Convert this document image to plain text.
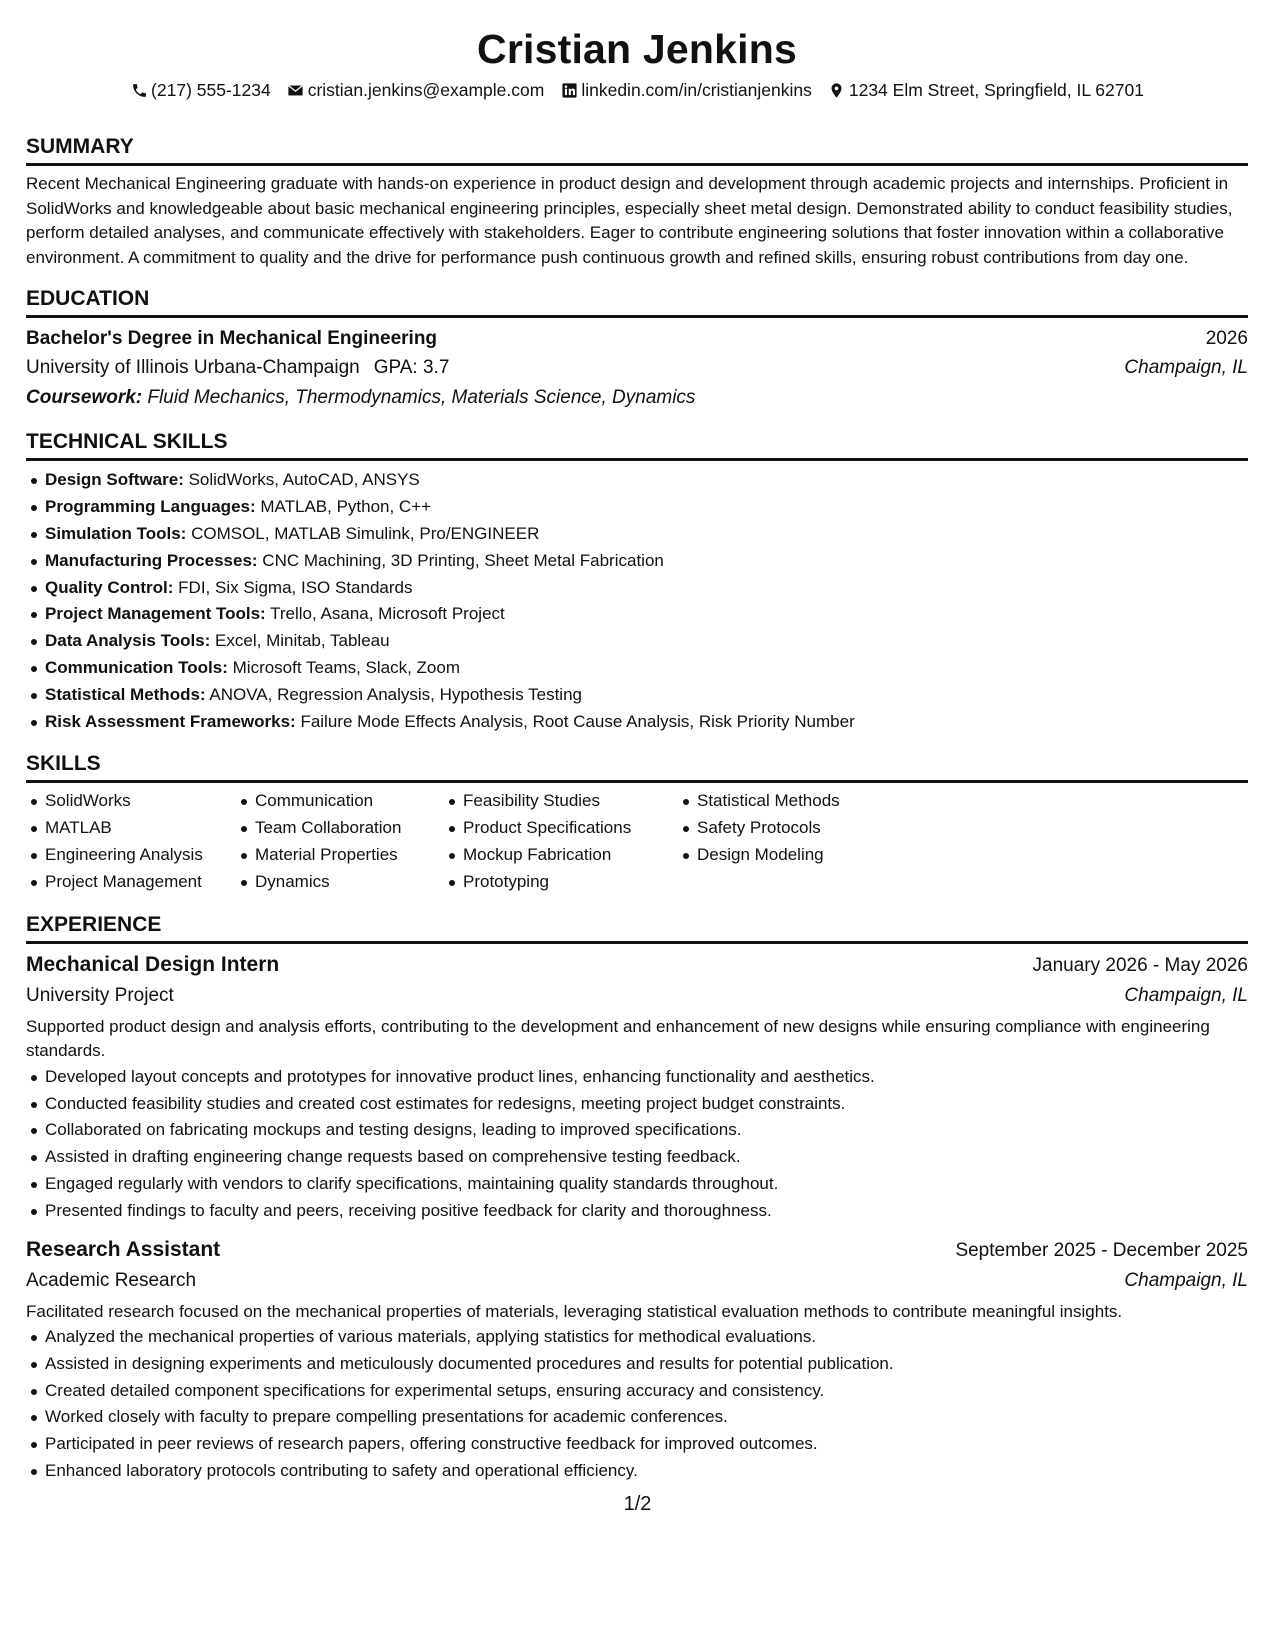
Cristian Jenkins
(217) 555-1234 cristian.jenkins@example.com linkedin.com/in/cristianjenkins 1234 Elm Street, Springfield, IL 62701
SUMMARY
Recent Mechanical Engineering graduate with hands-on experience in product design and development through academic projects and internships. Proficient in SolidWorks and knowledgeable about basic mechanical engineering principles, especially sheet metal design. Demonstrated ability to conduct feasibility studies, perform detailed analyses, and communicate effectively with stakeholders. Eager to contribute engineering solutions that foster innovation within a collaborative environment. A commitment to quality and the drive for performance push continuous growth and refined skills, ensuring robust contributions from day one.
EDUCATION
Bachelor's Degree in Mechanical Engineering	2026
University of Illinois Urbana-Champaign GPA: 3.7	Champaign, IL
Coursework: Fluid Mechanics, Thermodynamics, Materials Science, Dynamics
TECHNICAL SKILLS
Design Software: SolidWorks, AutoCAD, ANSYS
Programming Languages: MATLAB, Python, C++
Simulation Tools: COMSOL, MATLAB Simulink, Pro/ENGINEER
Manufacturing Processes: CNC Machining, 3D Printing, Sheet Metal Fabrication
Quality Control: FDI, Six Sigma, ISO Standards
Project Management Tools: Trello, Asana, Microsoft Project
Data Analysis Tools: Excel, Minitab, Tableau
Communication Tools: Microsoft Teams, Slack, Zoom
Statistical Methods: ANOVA, Regression Analysis, Hypothesis Testing
Risk Assessment Frameworks: Failure Mode Effects Analysis, Root Cause Analysis, Risk Priority Number
SKILLS
SolidWorks
MATLAB
Engineering Analysis
Project Management
Communication
Team Collaboration
Material Properties
Dynamics
Feasibility Studies
Product Specifications
Mockup Fabrication
Prototyping
Statistical Methods
Safety Protocols
Design Modeling
EXPERIENCE
Mechanical Design Intern	January 2026 - May 2026
University Project	Champaign, IL
Supported product design and analysis efforts, contributing to the development and enhancement of new designs while ensuring compliance with engineering standards.
Developed layout concepts and prototypes for innovative product lines, enhancing functionality and aesthetics.
Conducted feasibility studies and created cost estimates for redesigns, meeting project budget constraints.
Collaborated on fabricating mockups and testing designs, leading to improved specifications.
Assisted in drafting engineering change requests based on comprehensive testing feedback.
Engaged regularly with vendors to clarify specifications, maintaining quality standards throughout.
Presented findings to faculty and peers, receiving positive feedback for clarity and thoroughness.
Research Assistant	September 2025 - December 2025
Academic Research	Champaign, IL
Facilitated research focused on the mechanical properties of materials, leveraging statistical evaluation methods to contribute meaningful insights.
Analyzed the mechanical properties of various materials, applying statistics for methodical evaluations.
Assisted in designing experiments and meticulously documented procedures and results for potential publication.
Created detailed component specifications for experimental setups, ensuring accuracy and consistency.
Worked closely with faculty to prepare compelling presentations for academic conferences.
Participated in peer reviews of research papers, offering constructive feedback for improved outcomes.
Enhanced laboratory protocols contributing to safety and operational efficiency.
1/2
